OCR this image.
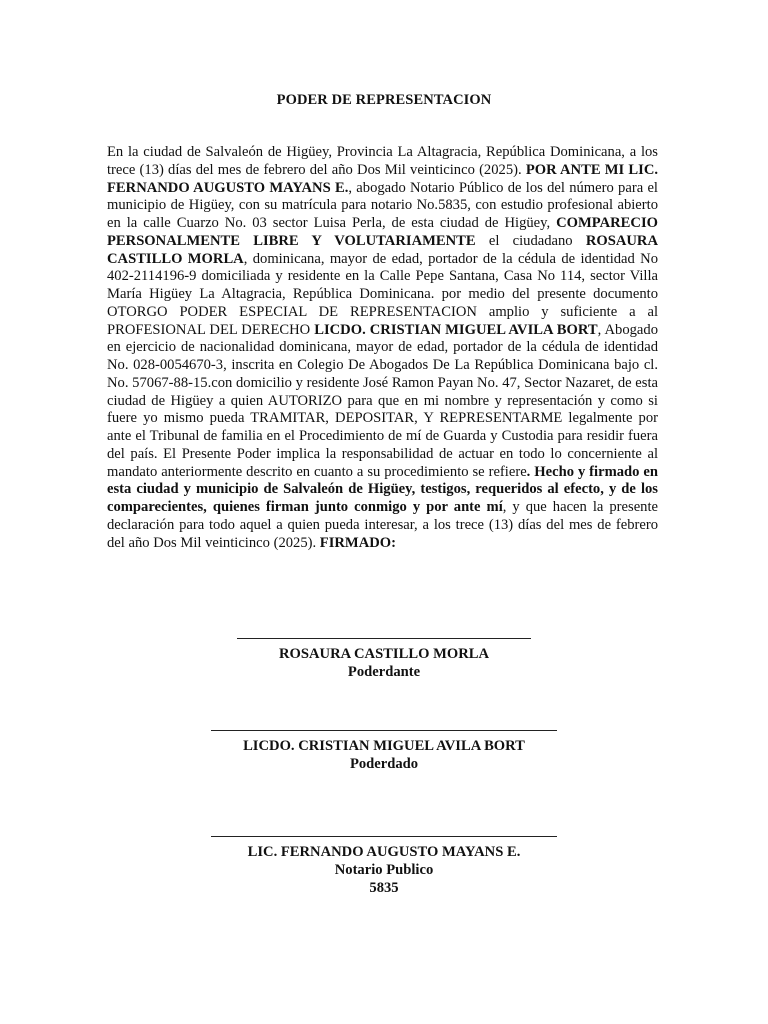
PODER DE REPRESENTACION
En la ciudad de Salvaleón de Higüey, Provincia La Altagracia, República Dominicana, a los trece (13) días del mes de febrero del año Dos Mil veinticinco (2025). POR ANTE MI LIC. FERNANDO AUGUSTO MAYANS E., abogado Notario Público de los del número para el municipio de Higüey, con su matrícula para notario No.5835, con estudio profesional abierto en la calle Cuarzo No. 03 sector Luisa Perla, de esta ciudad de Higüey, COMPARECIO PERSONALMENTE LIBRE Y VOLUTARIAMENTE el ciudadano ROSAURA CASTILLO MORLA, dominicana, mayor de edad, portador de la cédula de identidad No 402-2114196-9 domiciliada y residente en la Calle Pepe Santana, Casa No 114, sector Villa María Higüey La Altagracia, República Dominicana. por medio del presente documento OTORGO PODER ESPECIAL DE REPRESENTACION amplio y suficiente a al PROFESIONAL DEL DERECHO LICDO. CRISTIAN MIGUEL AVILA BORT, Abogado en ejercicio de nacionalidad dominicana, mayor de edad, portador de la cédula de identidad No. 028-0054670-3, inscrita en Colegio De Abogados De La República Dominicana bajo cl. No. 57067-88-15.con domicilio y residente José Ramon Payan No. 47, Sector Nazaret, de esta ciudad de Higüey a quien AUTORIZO para que en mi nombre y representación y como si fuere yo mismo pueda TRAMITAR, DEPOSITAR, Y REPRESENTARME legalmente por ante el Tribunal de familia en el Procedimiento de mí de Guarda y Custodia para residir fuera del país. El Presente Poder implica la responsabilidad de actuar en todo lo concerniente al mandato anteriormente descrito en cuanto a su procedimiento se refiere. Hecho y firmado en esta ciudad y municipio de Salvaleón de Higüey, testigos, requeridos al efecto, y de los comparecientes, quienes firman junto conmigo y por ante mí, y que hacen la presente declaración para todo aquel a quien pueda interesar, a los trece (13) días del mes de febrero del año Dos Mil veinticinco (2025). FIRMADO:
ROSAURA CASTILLO MORLA
Poderdante
LICDO. CRISTIAN MIGUEL AVILA BORT
Poderdado
LIC. FERNANDO AUGUSTO MAYANS E.
Notario Publico
5835
